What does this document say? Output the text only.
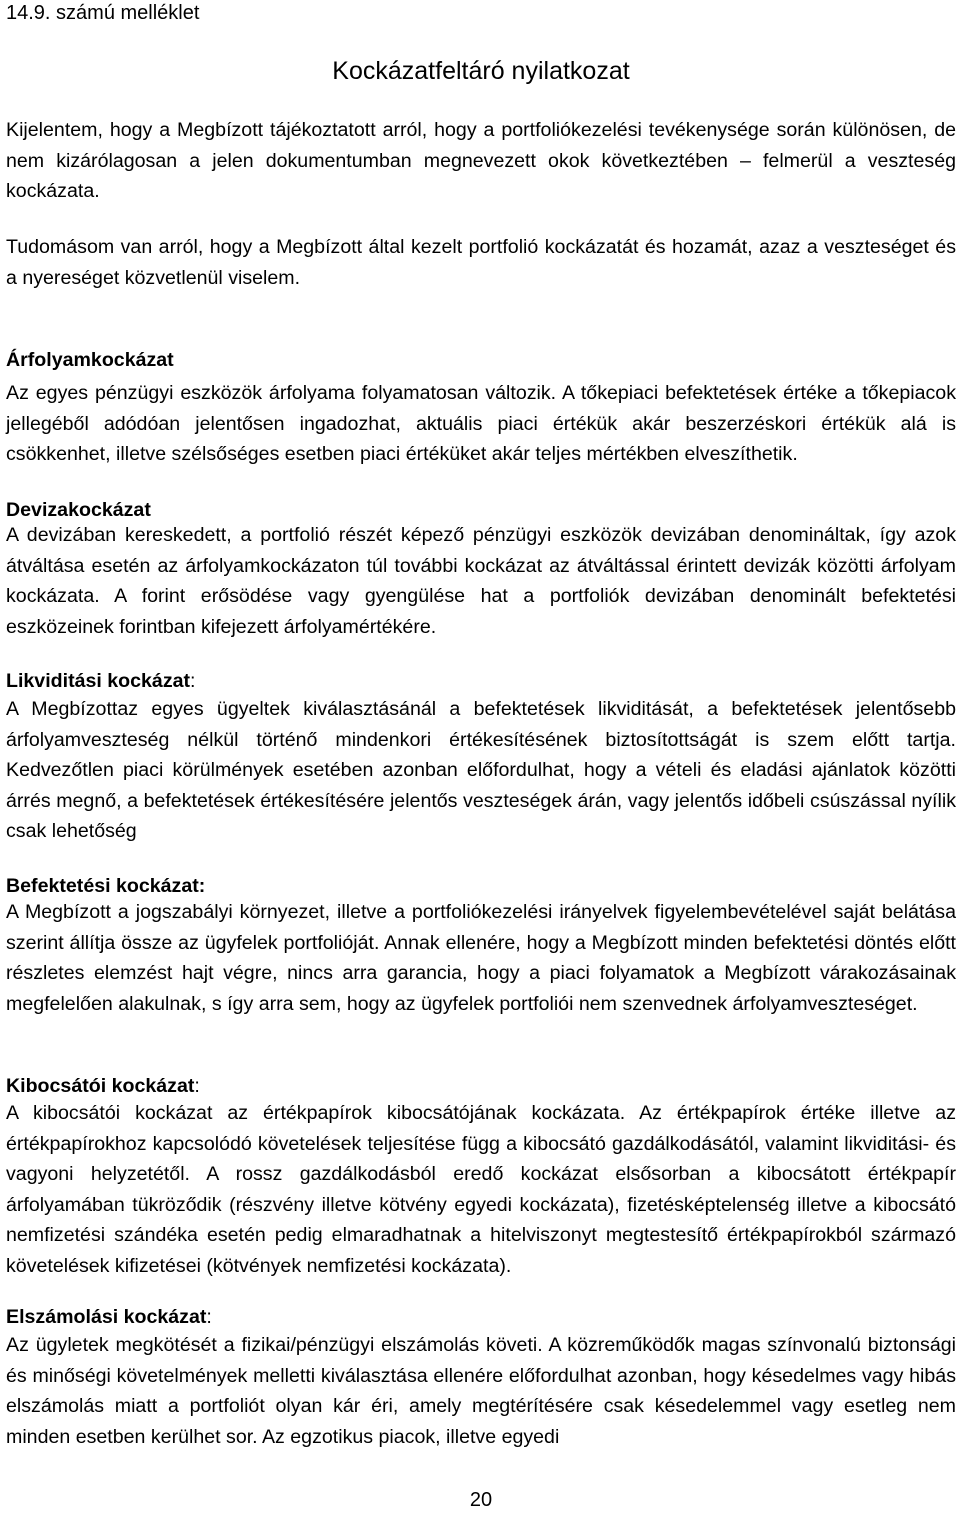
14.9. számú melléklet
Kockázatfeltáró nyilatkozat

Kijelentem, hogy a Megbízott tájékoztatott arról, hogy a portfoliókezelési tevékenysége során különösen, de nem kizárólagosan a jelen dokumentumban megnevezett okok következtében – felmerül a veszteség kockázata.

Tudomásom van arról, hogy a Megbízott által kezelt portfolió kockázatát és hozamát, azaz a veszteséget és a nyereséget közvetlenül viselem.

Árfolyamkockázat

Az egyes pénzügyi eszközök árfolyama folyamatosan változik. A tőkepiaci befektetések értéke a tőkepiacok jellegéből adódóan jelentősen ingadozhat, aktuális piaci értékük akár beszerzéskori értékük alá is csökkenhet, illetve szélsőséges esetben piaci értéküket akár teljes mértékben elveszíthetik.

Devizakockázat

A devizában kereskedett, a portfolió részét képező pénzügyi eszközök devizában denomináltak, így azok átváltása esetén az árfolyamkockázaton túl további kockázat az átváltással érintett devizák közötti árfolyam kockázata. A forint erősödése vagy gyengülése hat a portfoliók devizában denominált befektetési eszközeinek forintban kifejezett árfolyamértékére.

Likviditási kockázat:

A Megbízottaz egyes ügyeltek kiválasztásánál a befektetések likviditását, a befektetések jelentősebb árfolyamveszteség nélkül történő mindenkori értékesítésének biztosítottságát is szem előtt tartja. Kedvezőtlen piaci körülmények esetében azonban előfordulhat, hogy a vételi és eladási ajánlatok közötti árrés megnő, a befektetések értékesítésére jelentős veszteségek árán, vagy jelentős időbeli csúszással nyílik csak lehetőség

Befektetési kockázat:

A Megbízott a jogszabályi környezet, illetve a portfoliókezelési irányelvek figyelembevételével saját belátása szerint állítja össze az ügyfelek portfolióját. Annak ellenére, hogy a Megbízott minden befektetési döntés előtt részletes elemzést hajt végre, nincs arra garancia, hogy a piaci folyamatok a Megbízott várakozásainak megfelelően alakulnak, s így arra sem, hogy az ügyfelek portfoliói nem szenvednek árfolyamveszteséget.

Kibocsátói kockázat:

A kibocsátói kockázat az értékpapírok kibocsátójának kockázata. Az értékpapírok értéke illetve az értékpapírokhoz kapcsolódó követelések teljesítése függ a kibocsátó gazdálkodásától, valamint likviditási- és vagyoni helyzetétől. A rossz gazdálkodásból eredő kockázat elsősorban a kibocsátott értékpapír árfolyamában tükröződik (részvény illetve kötvény egyedi kockázata), fizetésképtelenség illetve a kibocsátó nemfizetési szándéka esetén pedig elmaradhatnak a hitelviszonyt megtestesítő értékpapírokból származó követelések kifizetései (kötvények nemfizetési kockázata).

Elszámolási kockázat:

Az ügyletek megkötését a fizikai/pénzügyi elszámolás követi. A közreműködők magas színvonalú biztonsági és minőségi követelmények melletti kiválasztása ellenére előfordulhat azonban, hogy késedelmes vagy hibás elszámolás miatt a portfoliót olyan kár éri, amely megtérítésére csak késedelemmel vagy esetleg nem minden esetben kerülhet sor. Az egzotikus piacok, illetve egyedi

20
